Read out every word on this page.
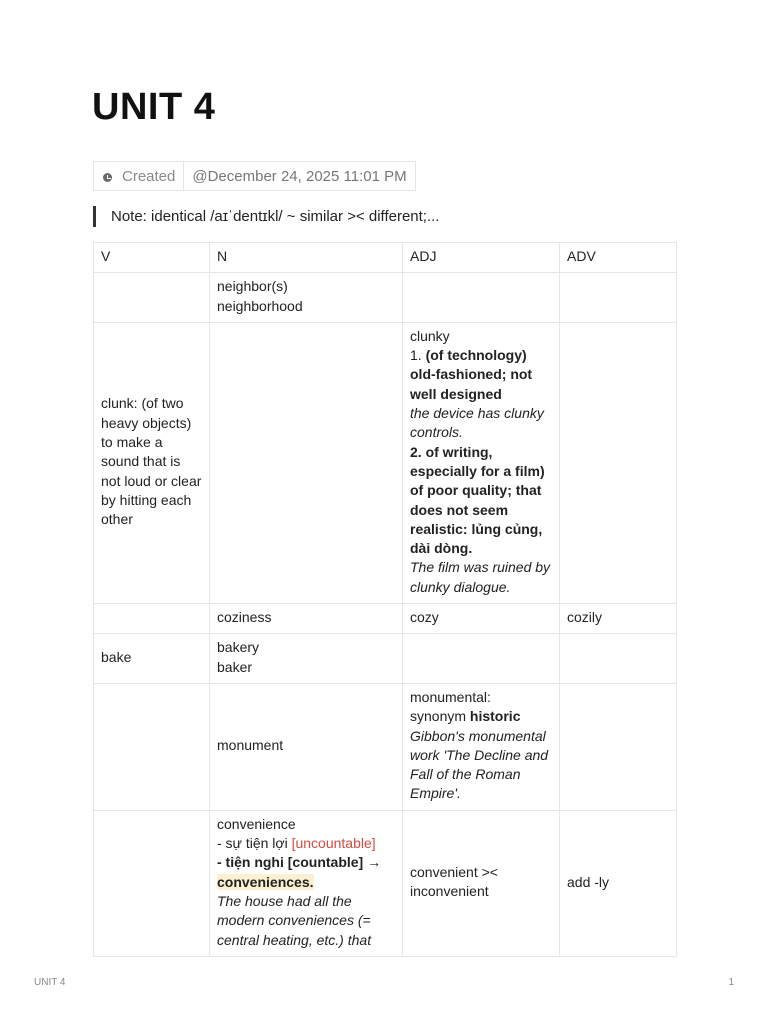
UNIT 4
Created	@December 24, 2025 11:01 PM
Note: identical /aɪˈdentɪkl/ ~ similar >< different;...
V	N	ADJ	ADV

	neighbor(s)
neighborhood		

clunk: (of two heavy objects) to make a sound that is not loud or clear by hitting each other		clunky
1. (of technology) old-fashioned; not well designed
the device has clunky controls.
2. of writing, especially for a film) of poor quality; that does not seem realistic: lủng củng, dài dòng.
The film was ruined by clunky dialogue.	

	coziness	cozy	cozily
bake	bakery
baker		

	monument	monumental:
synonym historic
Gibbon's monumental work 'The Decline and Fall of the Roman Empire'.	

	convenience
- sự tiện lợi [uncountable]
- tiện nghi [countable] → conveniences.
The house had all the modern conveniences (= central heating, etc.) that	convenient >< inconvenient	add -ly
UNIT 4	1
